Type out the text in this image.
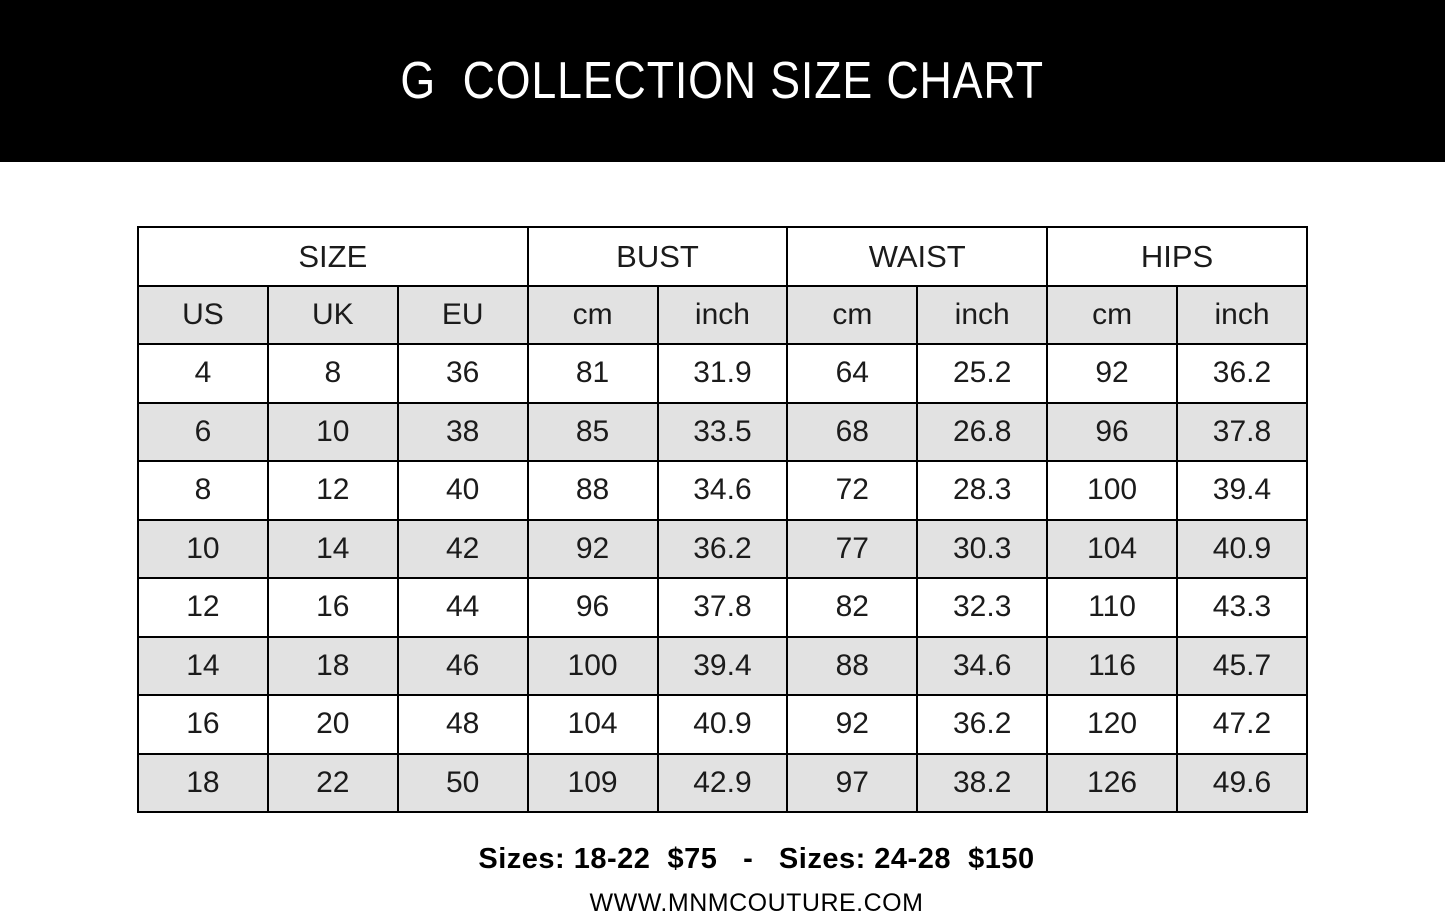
G  COLLECTION SIZE CHART
SIZE			BUST		WAIST		HIPS	
US	UK	EU	cm	inch	cm	inch	cm	inch
4	8	36	81	31.9	64	25.2	92	36.2
6	10	38	85	33.5	68	26.8	96	37.8
8	12	40	88	34.6	72	28.3	100	39.4
10	14	42	92	36.2	77	30.3	104	40.9
12	16	44	96	37.8	82	32.3	110	43.3
14	18	46	100	39.4	88	34.6	116	45.7
16	20	48	104	40.9	92	36.2	120	47.2
18	22	50	109	42.9	97	38.2	126	49.6
Sizes: 18-22  $75   -   Sizes: 24-28  $150
WWW.MNMCOUTURE.COM
